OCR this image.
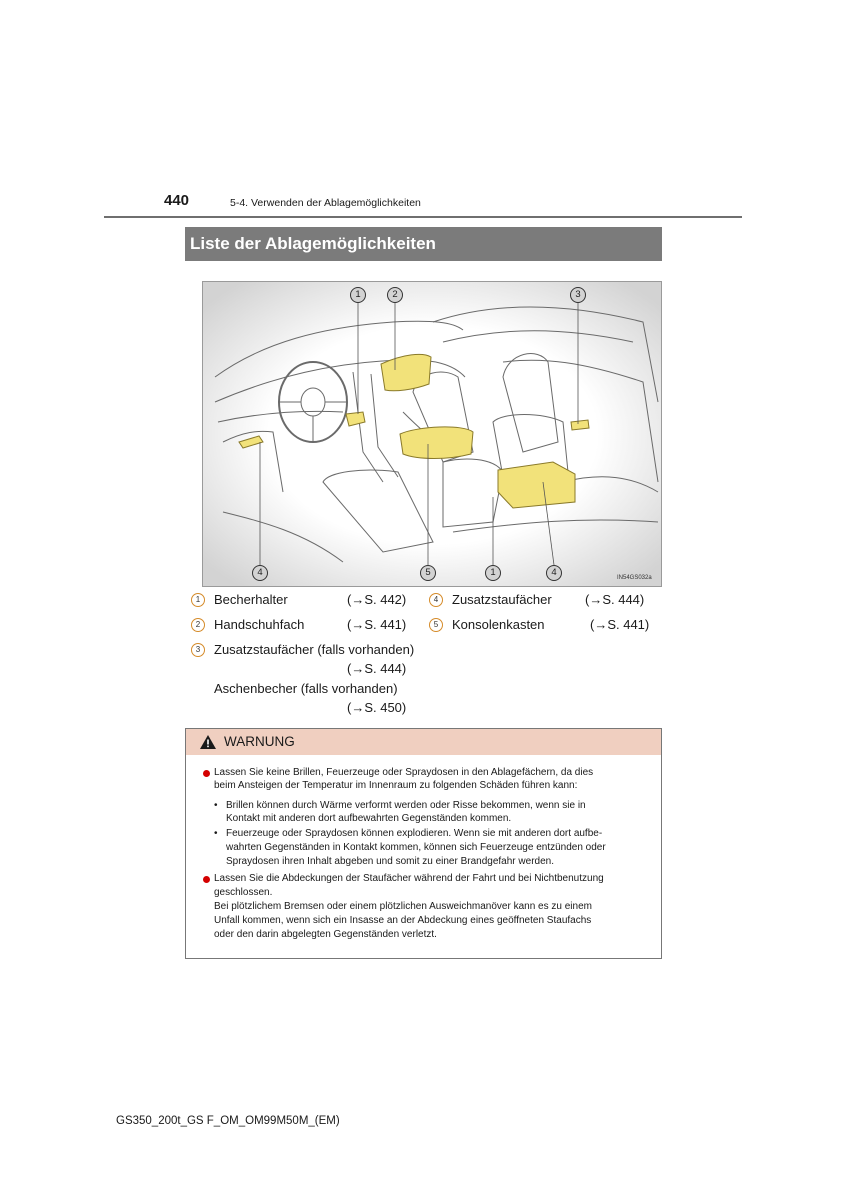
440	5-4. Verwenden der Ablagemöglichkeiten
Liste der Ablagemöglichkeiten
1	2	3
4	5	1	4	IN54GS032a
1	Becherhalter	(→S. 442)
2	Handschuhfach	(→S. 441)
3	Zusatzstaufächer (falls vorhanden)
(→S. 444)
Aschenbecher (falls vorhanden)
(→S. 450)
4	Zusatzstaufächer	(→S. 444)
5	Konsolenkasten	(→S. 441)
WARNUNG
Lassen Sie keine Brillen, Feuerzeuge oder Spraydosen in den Ablagefächern, da dies
beim Ansteigen der Temperatur im Innenraum zu folgenden Schäden führen kann:
• Brillen können durch Wärme verformt werden oder Risse bekommen, wenn sie in
Kontakt mit anderen dort aufbewahrten Gegenständen kommen.
• Feuerzeuge oder Spraydosen können explodieren. Wenn sie mit anderen dort aufbe-
wahrten Gegenständen in Kontakt kommen, können sich Feuerzeuge entzünden oder
Spraydosen ihren Inhalt abgeben und somit zu einer Brandgefahr werden.
Lassen Sie die Abdeckungen der Staufächer während der Fahrt und bei Nichtbenutzung
geschlossen.
Bei plötzlichem Bremsen oder einem plötzlichen Ausweichmanöver kann es zu einem
Unfall kommen, wenn sich ein Insasse an der Abdeckung eines geöffneten Staufachs
oder den darin abgelegten Gegenständen verletzt.
GS350_200t_GS F_OM_OM99M50M_(EM)
